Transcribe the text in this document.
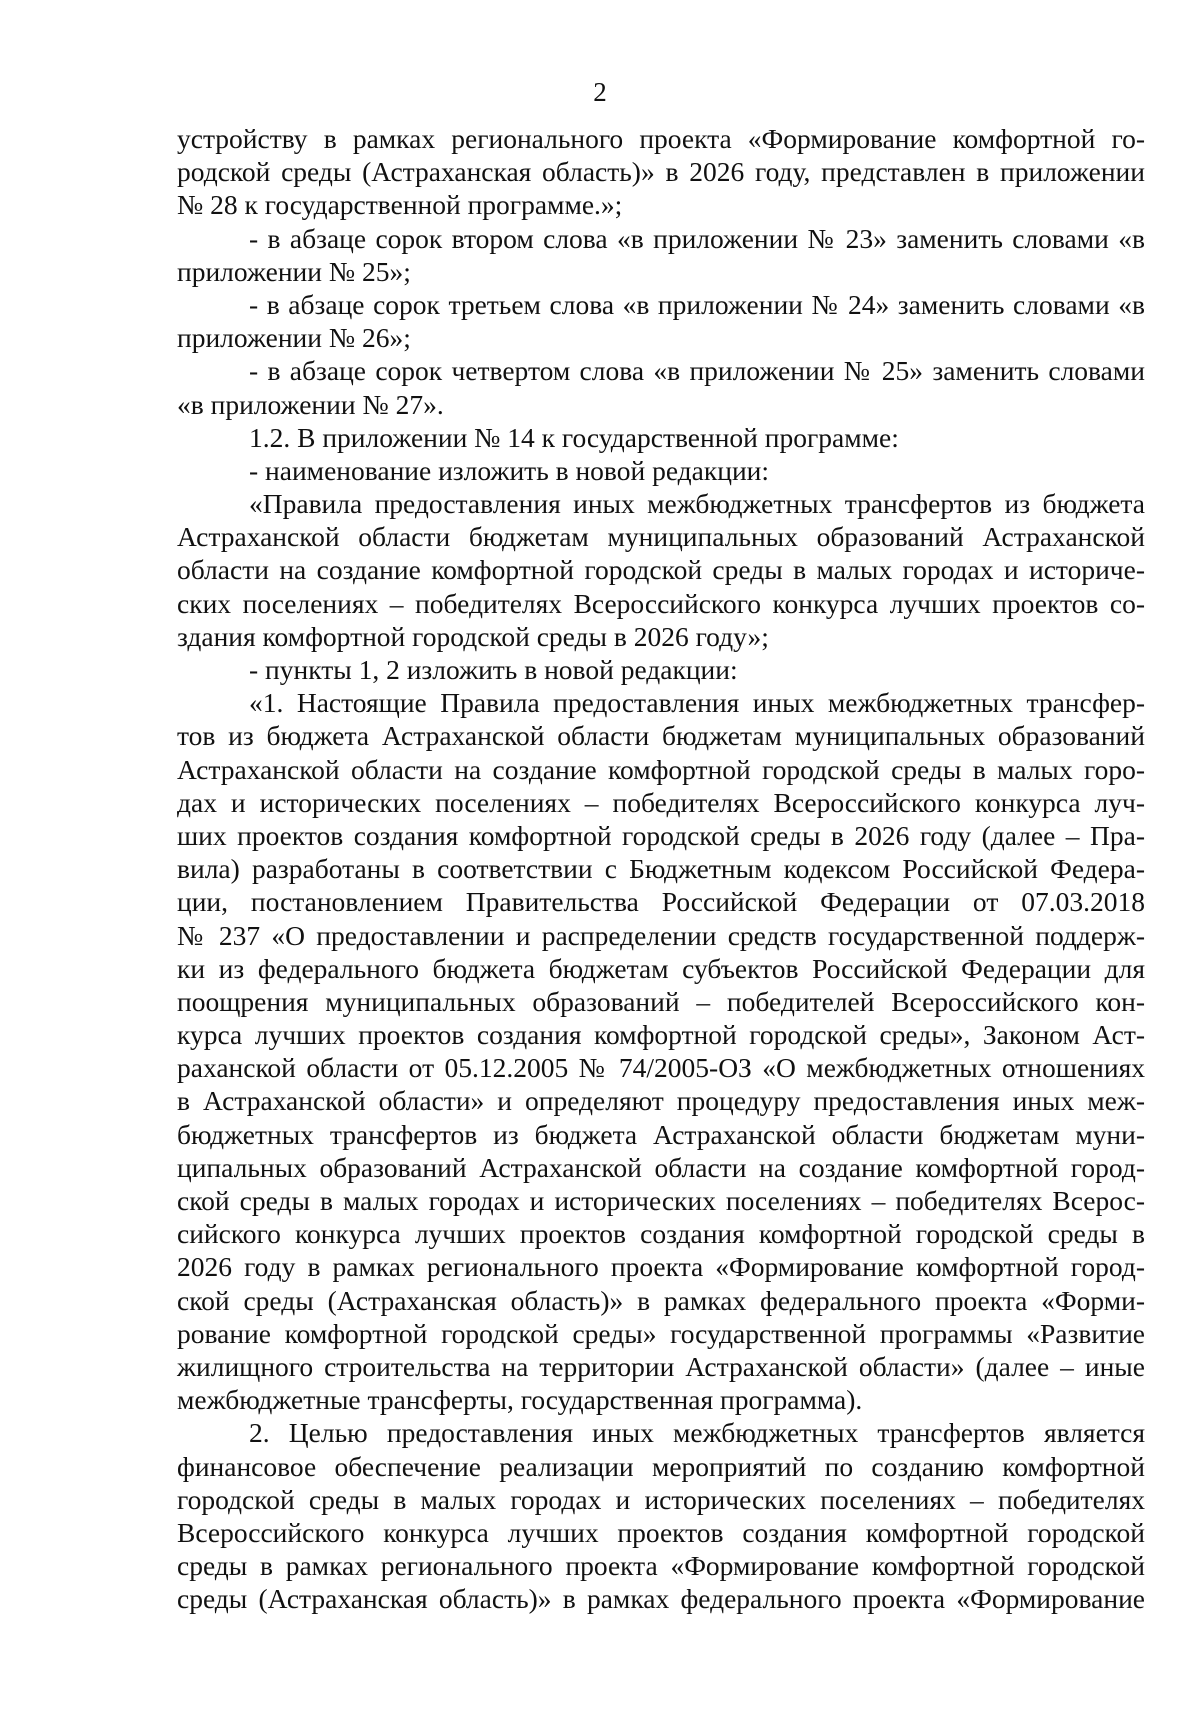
2
устройству в рамках регионального проекта «Формирование комфортной го-
родской среды (Астраханская область)» в 2026 году, представлен в приложении
№ 28 к государственной программе.»;
- в абзаце сорок втором слова «в приложении № 23» заменить словами «в
приложении № 25»;
- в абзаце сорок третьем слова «в приложении № 24» заменить словами «в
приложении № 26»;
- в абзаце сорок четвертом слова «в приложении № 25» заменить словами
«в приложении № 27».
1.2. В приложении № 14 к государственной программе:
- наименование изложить в новой редакции:
«Правила предоставления иных межбюджетных трансфертов из бюджета
Астраханской области бюджетам муниципальных образований Астраханской
области на создание комфортной городской среды в малых городах и историче-
ских поселениях – победителях Всероссийского конкурса лучших проектов со-
здания комфортной городской среды в 2026 году»;
- пункты 1, 2 изложить в новой редакции:
«1. Настоящие Правила предоставления иных межбюджетных трансфер-
тов из бюджета Астраханской области бюджетам муниципальных образований
Астраханской области на создание комфортной городской среды в малых горо-
дах и исторических поселениях – победителях Всероссийского конкурса луч-
ших проектов создания комфортной городской среды в 2026 году (далее – Пра-
вила) разработаны в соответствии с Бюджетным кодексом Российской Федера-
ции, постановлением Правительства Российской Федерации от 07.03.2018
№ 237 «О предоставлении и распределении средств государственной поддерж-
ки из федерального бюджета бюджетам субъектов Российской Федерации для
поощрения муниципальных образований – победителей Всероссийского кон-
курса лучших проектов создания комфортной городской среды», Законом Аст-
раханской области от 05.12.2005 № 74/2005-ОЗ «О межбюджетных отношениях
в Астраханской области» и определяют процедуру предоставления иных меж-
бюджетных трансфертов из бюджета Астраханской области бюджетам муни-
ципальных образований Астраханской области на создание комфортной город-
ской среды в малых городах и исторических поселениях – победителях Всерос-
сийского конкурса лучших проектов создания комфортной городской среды в
2026 году в рамках регионального проекта «Формирование комфортной город-
ской среды (Астраханская область)» в рамках федерального проекта «Форми-
рование комфортной городской среды» государственной программы «Развитие
жилищного строительства на территории Астраханской области» (далее – иные
межбюджетные трансферты, государственная программа).
2. Целью предоставления иных межбюджетных трансфертов является
финансовое обеспечение реализации мероприятий по созданию комфортной
городской среды в малых городах и исторических поселениях – победителях
Всероссийского конкурса лучших проектов создания комфортной городской
среды в рамках регионального проекта «Формирование комфортной городской
среды (Астраханская область)» в рамках федерального проекта «Формирование
